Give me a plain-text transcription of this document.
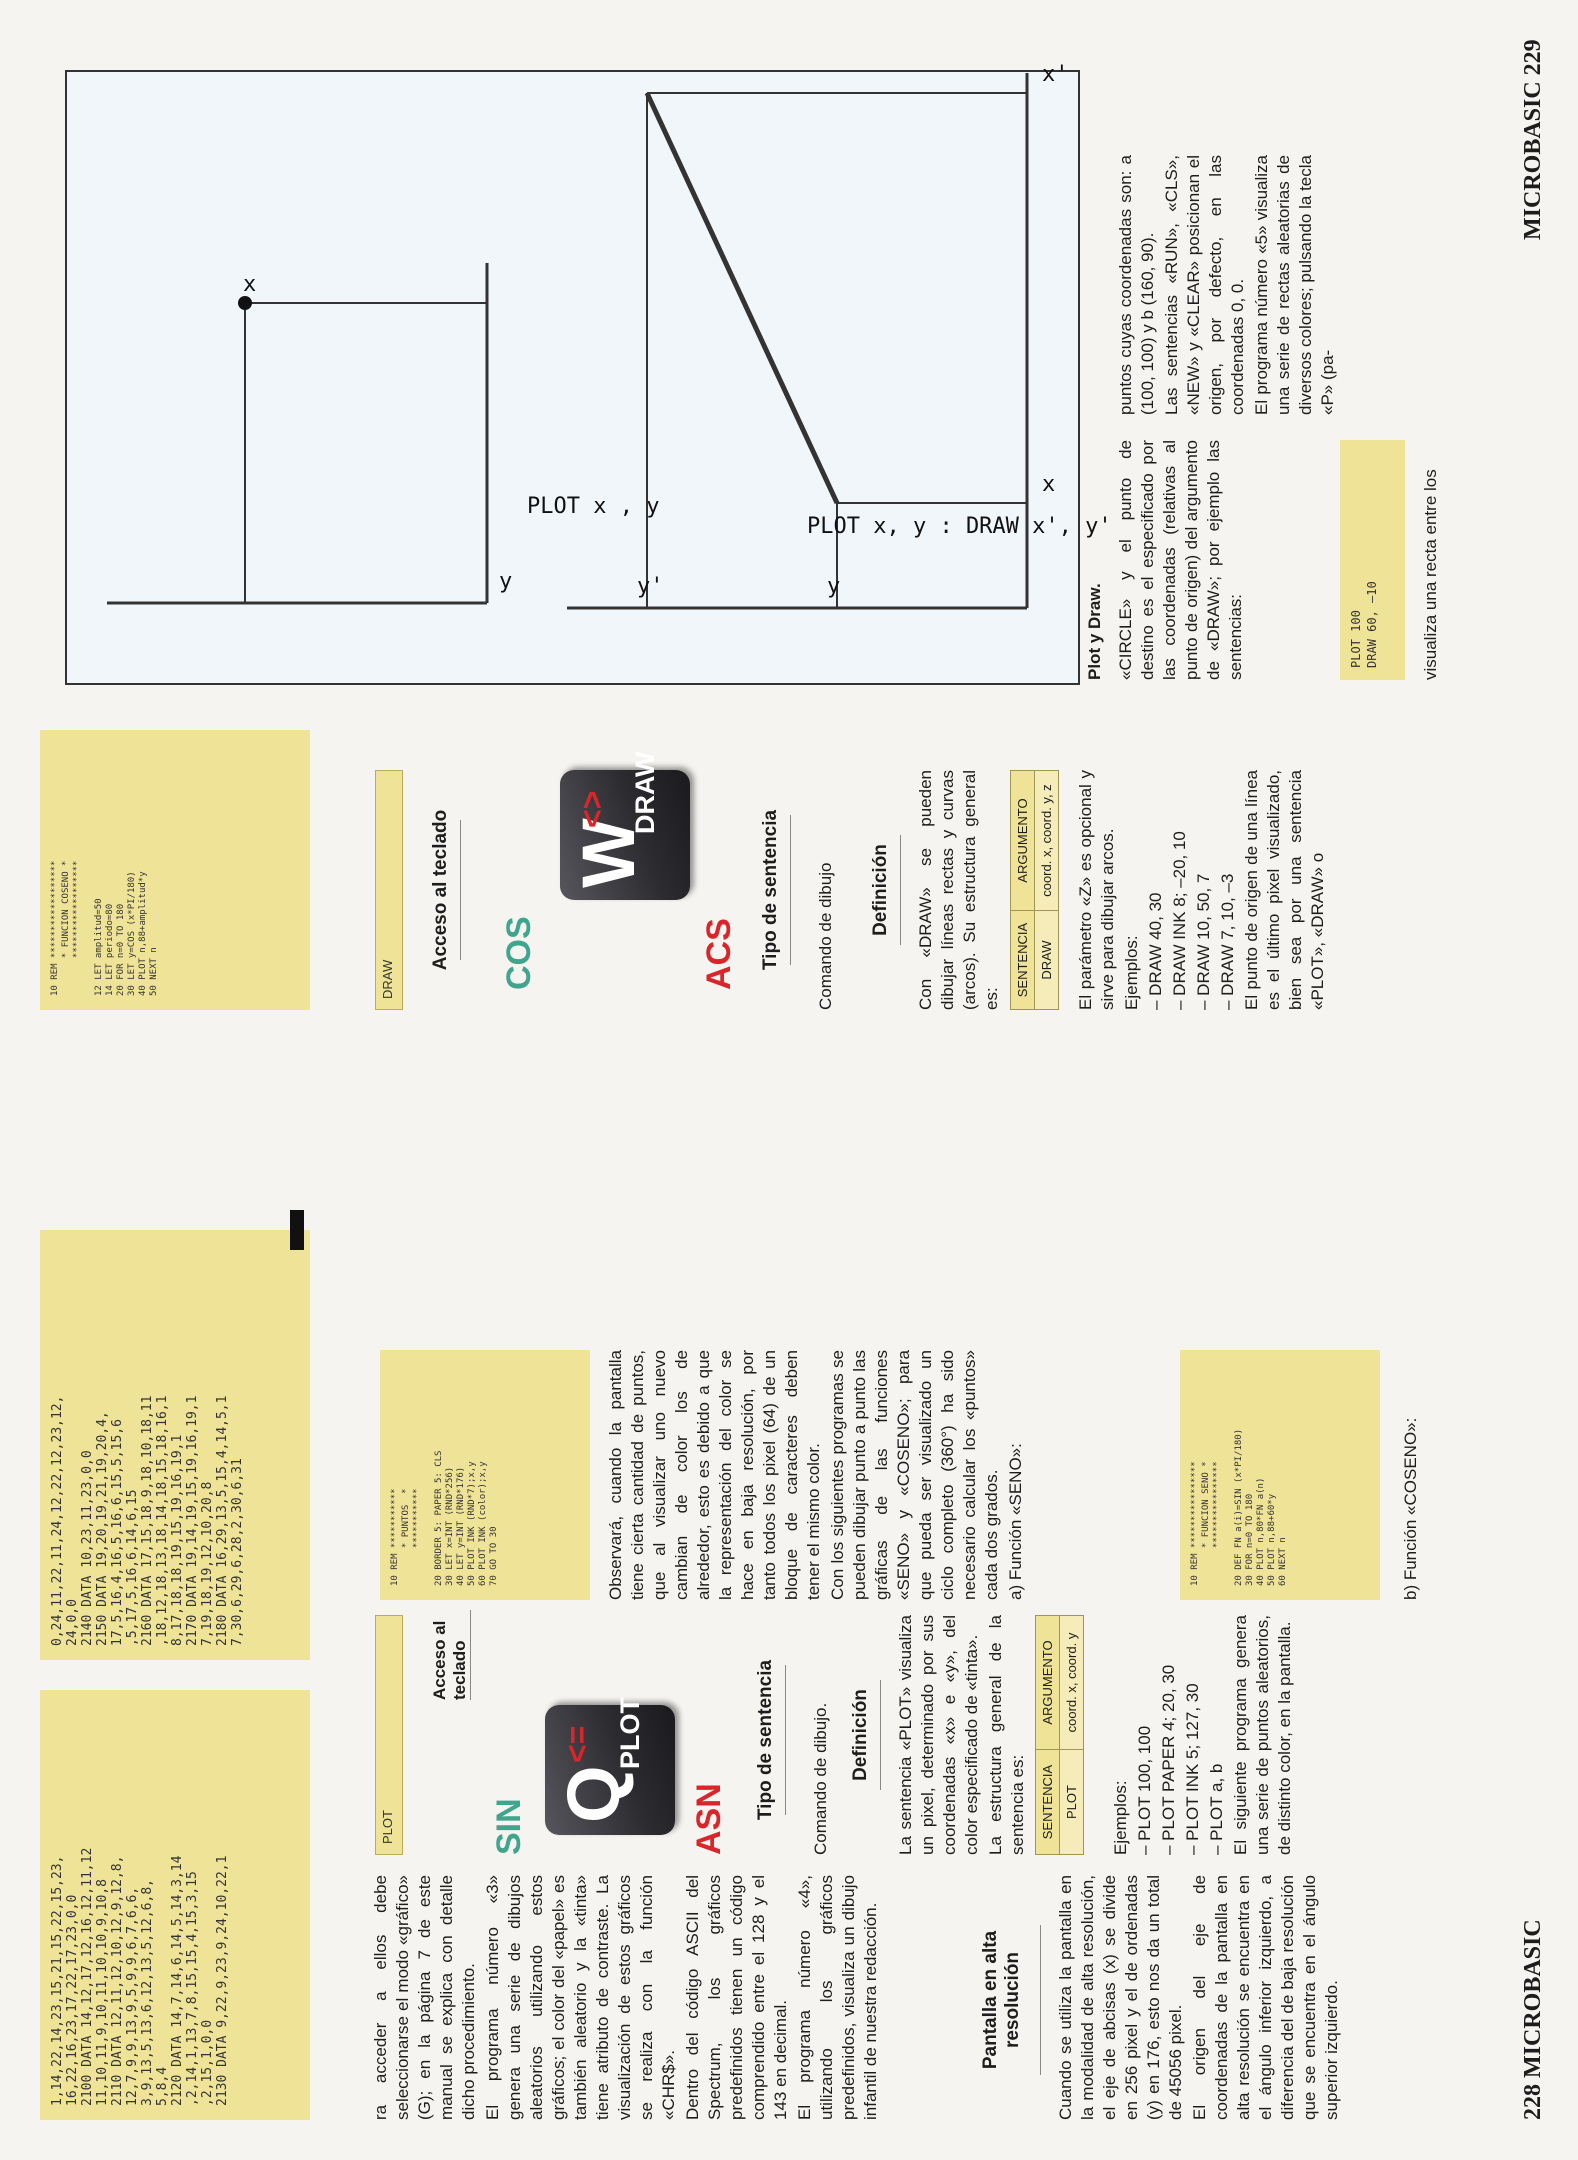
1,14,22,14,23,15,21,15,22,15,23,
16,22,16,23,17,22,17,23,0,0
2100 DATA 14,12,17,12,16,12,11,12
11,10,11,9,10,11,10,10,9,10,8
2110 DATA 12,11,12,10,12,9,12,8,
12,7,9,9,13,9,5,9,9,6,7,6,6,
3,9,13,5,13,6,12,13,5,12,6,8,
5,8,4
2120 DATA 14,7,14,6,14,5,14,3,14
,2,14,1,13,7,8,15,15,4,15,3,15
,2,15,1,0,0
2130 DATA 9,22,9,23,9,24,10,22,1
0,24,11,22,11,24,12,22,12,23,12,
24,0,0
2140 DATA 10,23,11,23,0,0
2150 DATA 19,20,19,21,19,20,4,
17,5,16,4,16,5,16,6,15,5,15,6
,5,17,5,16,6,14,6,15
2160 DATA 17,15,18,9,18,10,18,11
,18,12,18,13,18,14,18,15,18,16,1
8,17,18,18,19,15,19,16,19,1
2170 DATA 19,14,19,15,19,16,19,1
7,19,18,19,12,10,20,8
2180 DATA 16,29,13,5,15,4,14,5,1
7,30,6,29,6,28,2,30,6,31

ra acceder a ellos debe seleccionarse el modo «gráfico» (G); en la página 7 de este manual se explica con detalle dicho procedimiento. El programa número «3» genera una serie de dibujos aleatorios utilizando estos gráficos; el color del «papel» es también aleatorio y la «tinta» tiene atributo de contraste. La visualización de estos gráficos se realiza con la función «CHR$». Dentro del código ASCII del Spectrum, los gráficos predefinidos tienen un código comprendido entre el 128 y el 143 en decimal. El programa número «4», utilizando los gráficos predefinidos, visualiza un dibujo infantil de nuestra redacción.	Pantalla en alta resolución Cuando se utiliza la pantalla en la modalidad de alta resolución, el eje de abcisas (x) se divide en 256 pixel y el de ordenadas (y) en 176, esto nos da un total de 45056 pixel. El origen del eje de coordenadas de la pantalla en alta resolución se encuentra en el ángulo inferior izquierdo, a diferencia del de baja resolución que se encuentra en el ángulo superior izquierdo.

PLOT	SIN
Q
<= PLOT
ASN
Acceso al teclado	Tipo de sentencia Comando de dibujo. Definición La sentencia «PLOT» visualiza un pixel, determinado por sus coordenadas «x» e «y», del color especificado de «tinta». La estructura general de la sentencia es: SENTENCIA	ARGUMENTO
PLOT	coord. x, coord. y

Ejemplos: – PLOT 100, 100 – PLOT PAPER 4; 20, 30 – PLOT INK 5; 127, 30 – PLOT a, b El siguiente programa genera una serie de puntos aleatorios, de distinto color, en la pantalla.

10 REM ***********
* PUNTOS  *
***********

20 BORDER 5: PAPER 5: CLS
30 LET x=INT (RND*256)
40 LET y=INT (RND*176)
50 PLOT INK (RND*7);x,y
60 PLOT INK (color);x,y
70 GO TO 30	Observará, cuando la pantalla tiene cierta cantidad de puntos, que al visualizar uno nuevo cambian de color los de alrededor, esto es debido a que la representación del color se hace en baja resolución, por tanto todos los pixel (64) de un bloque de caracteres deben tener el mismo color. Con los siguientes programas se pueden dibujar punto a punto las gráficas de las funciones «SENO» y «COSENO»; para que pueda ser visualizado un ciclo completo (360°) ha sido necesario calcular los «puntos» cada dos grados. a) Función «SENO»:	10 REM ****************
* FUNCION SENO *
****************

20 DEF FN a(i)=SIN (x*PI/180)
30 FOR n=0 TO 180
40 PLOT n,80*FN a(n)
50 PLOT n,88+60*y
60 NEXT n	b) Función «COSENO»:
228 MICROBASIC
10 REM ******************
* FUNCION COSENO *
******************

12 LET amplitud=50
14 LET periodo=80
20 FOR n=0 TO 180
30 LET y=COS (x*PI/180)
40 PLOT n,88+amplitud*y
50 NEXT n
DRAW
Acceso al teclado COS
W
<> DRAW
ACS Tipo de sentencia Comando de dibujo Definición Con «DRAW» se pueden dibujar líneas rectas y curvas (arcos). Su estructura general es:
SENTENCIA	ARGUMENTO
DRAW	coord. x, coord. y, z El parámetro «Z» es opcional y sirve para dibujar arcos. Ejemplos: – DRAW 40, 30 – DRAW INK 8; –20, 10 – DRAW 10, 50, 7 – DRAW 7, 10, –3 El punto de origen de una línea es el último pixel visualizado, bien sea por una sentencia «PLOT», «DRAW» o

y
x
PLOT x , y
y
y'
x
x'
PLOT x, y : DRAW x', y'
Plot y Draw. «CIRCLE» y el punto de destino es el especificado por las coordenadas (relativas al punto de origen) del argumento de «DRAW»; por ejemplo las sentencias:	PLOT 100
DRAW 60, –10	visualiza una recta entre los

puntos cuyas coordenadas son: a (100, 100) y b (160, 90). Las sentencias «RUN», «CLS», «NEW» y «CLEAR» posicionan el origen, por defecto, en las coordenadas 0, 0. El programa número «5» visualiza una serie de rectas aleatorias de diversos colores; pulsando la tecla «P» (pa-

MICROBASIC 229
